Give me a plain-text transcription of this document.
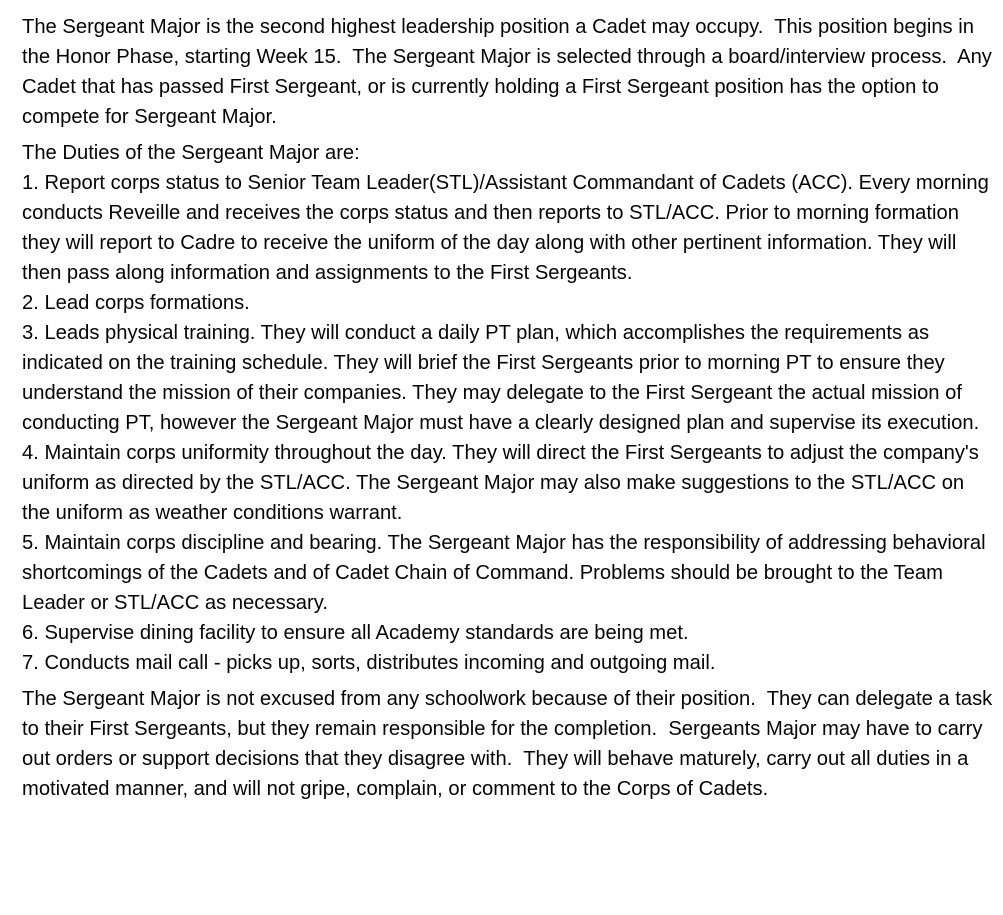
The Sergeant Major is the second highest leadership position a Cadet may occupy.  This position begins in the Honor Phase, starting Week 15.  The Sergeant Major is selected through a board/interview process.  Any Cadet that has passed First Sergeant, or is currently holding a First Sergeant position has the option to compete for Sergeant Major.

The Duties of the Sergeant Major are:

1. Report corps status to Senior Team Leader(STL)/Assistant Commandant of Cadets (ACC). Every morning conducts Reveille and receives the corps status and then reports to STL/ACC. Prior to morning formation they will report to Cadre to receive the uniform of the day along with other pertinent information. They will then pass along information and assignments to the First Sergeants.
2. Lead corps formations.
3. Leads physical training. They will conduct a daily PT plan, which accomplishes the requirements as indicated on the training schedule. They will brief the First Sergeants prior to morning PT to ensure they understand the mission of their companies. They may delegate to the First Sergeant the actual mission of conducting PT, however the Sergeant Major must have a clearly designed plan and supervise its execution.
4. Maintain corps uniformity throughout the day. They will direct the First Sergeants to adjust the company's uniform as directed by the STL/ACC. The Sergeant Major may also make suggestions to the STL/ACC on the uniform as weather conditions warrant.
5. Maintain corps discipline and bearing. The Sergeant Major has the responsibility of addressing behavioral shortcomings of the Cadets and of Cadet Chain of Command. Problems should be brought to the Team Leader or STL/ACC as necessary.
6. Supervise dining facility to ensure all Academy standards are being met.
7. Conducts mail call - picks up, sorts, distributes incoming and outgoing mail.

The Sergeant Major is not excused from any schoolwork because of their position.  They can delegate a task to their First Sergeants, but they remain responsible for the completion.  Sergeants Major may have to carry out orders or support decisions that they disagree with.  They will behave maturely, carry out all duties in a motivated manner, and will not gripe, complain, or comment to the Corps of Cadets.
